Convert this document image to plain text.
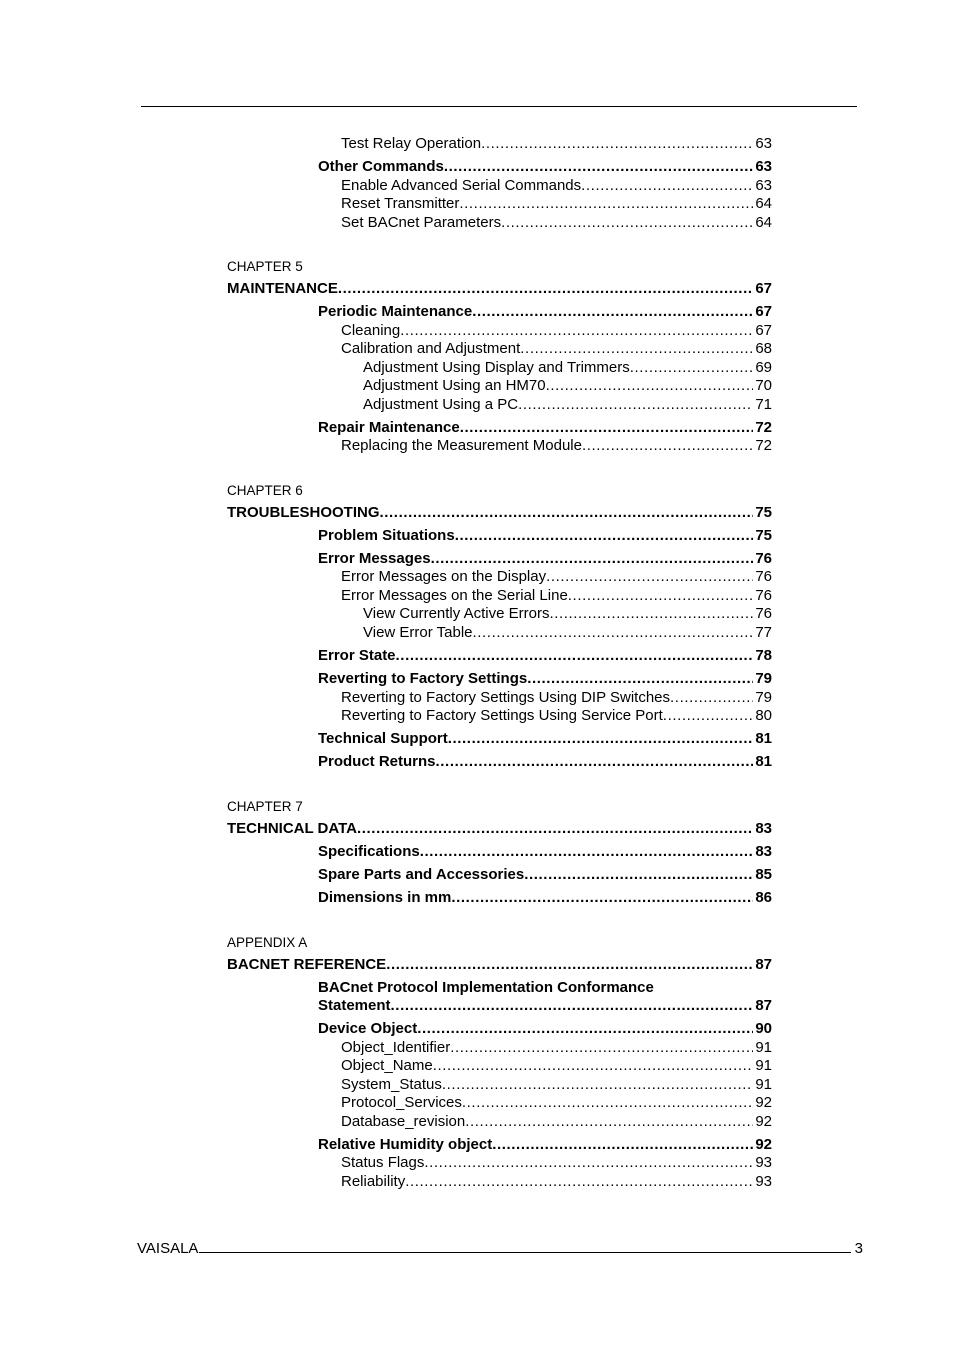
Test Relay Operation .....	63
Other Commands .....	63
Enable Advanced Serial Commands .....	63
Reset Transmitter .....	64
Set BACnet Parameters .....	64
CHAPTER 5
MAINTENANCE .....	67
Periodic Maintenance .....	67
Cleaning .....	67
Calibration and Adjustment .....	68
Adjustment Using Display and Trimmers .....	69
Adjustment Using an HM70 .....	70
Adjustment Using a PC .....	71
Repair Maintenance .....	72
Replacing the Measurement Module .....	72
CHAPTER 6
TROUBLESHOOTING .....	75
Problem Situations .....	75
Error Messages .....	76
Error Messages on the Display .....	76
Error Messages on the Serial Line .....	76
View Currently Active Errors .....	76
View Error Table .....	77
Error State .....	78
Reverting to Factory Settings .....	79
Reverting to Factory Settings Using DIP Switches .....	79
Reverting to Factory Settings Using Service Port .....	80
Technical Support .....	81
Product Returns .....	81
CHAPTER 7
TECHNICAL DATA .....	83
Specifications .....	83
Spare Parts and Accessories .....	85
Dimensions in mm .....	86
APPENDIX A
BACNET REFERENCE .....	87
BACnet Protocol Implementation Conformance
Statement .....	87
Device Object .....	90
Object_Identifier .....	91
Object_Name .....	91
System_Status .....	91
Protocol_Services .....	92
Database_revision .....	92
Relative Humidity object .....	92
Status Flags .....	93
Reliability .....	93
VAISALA	3
